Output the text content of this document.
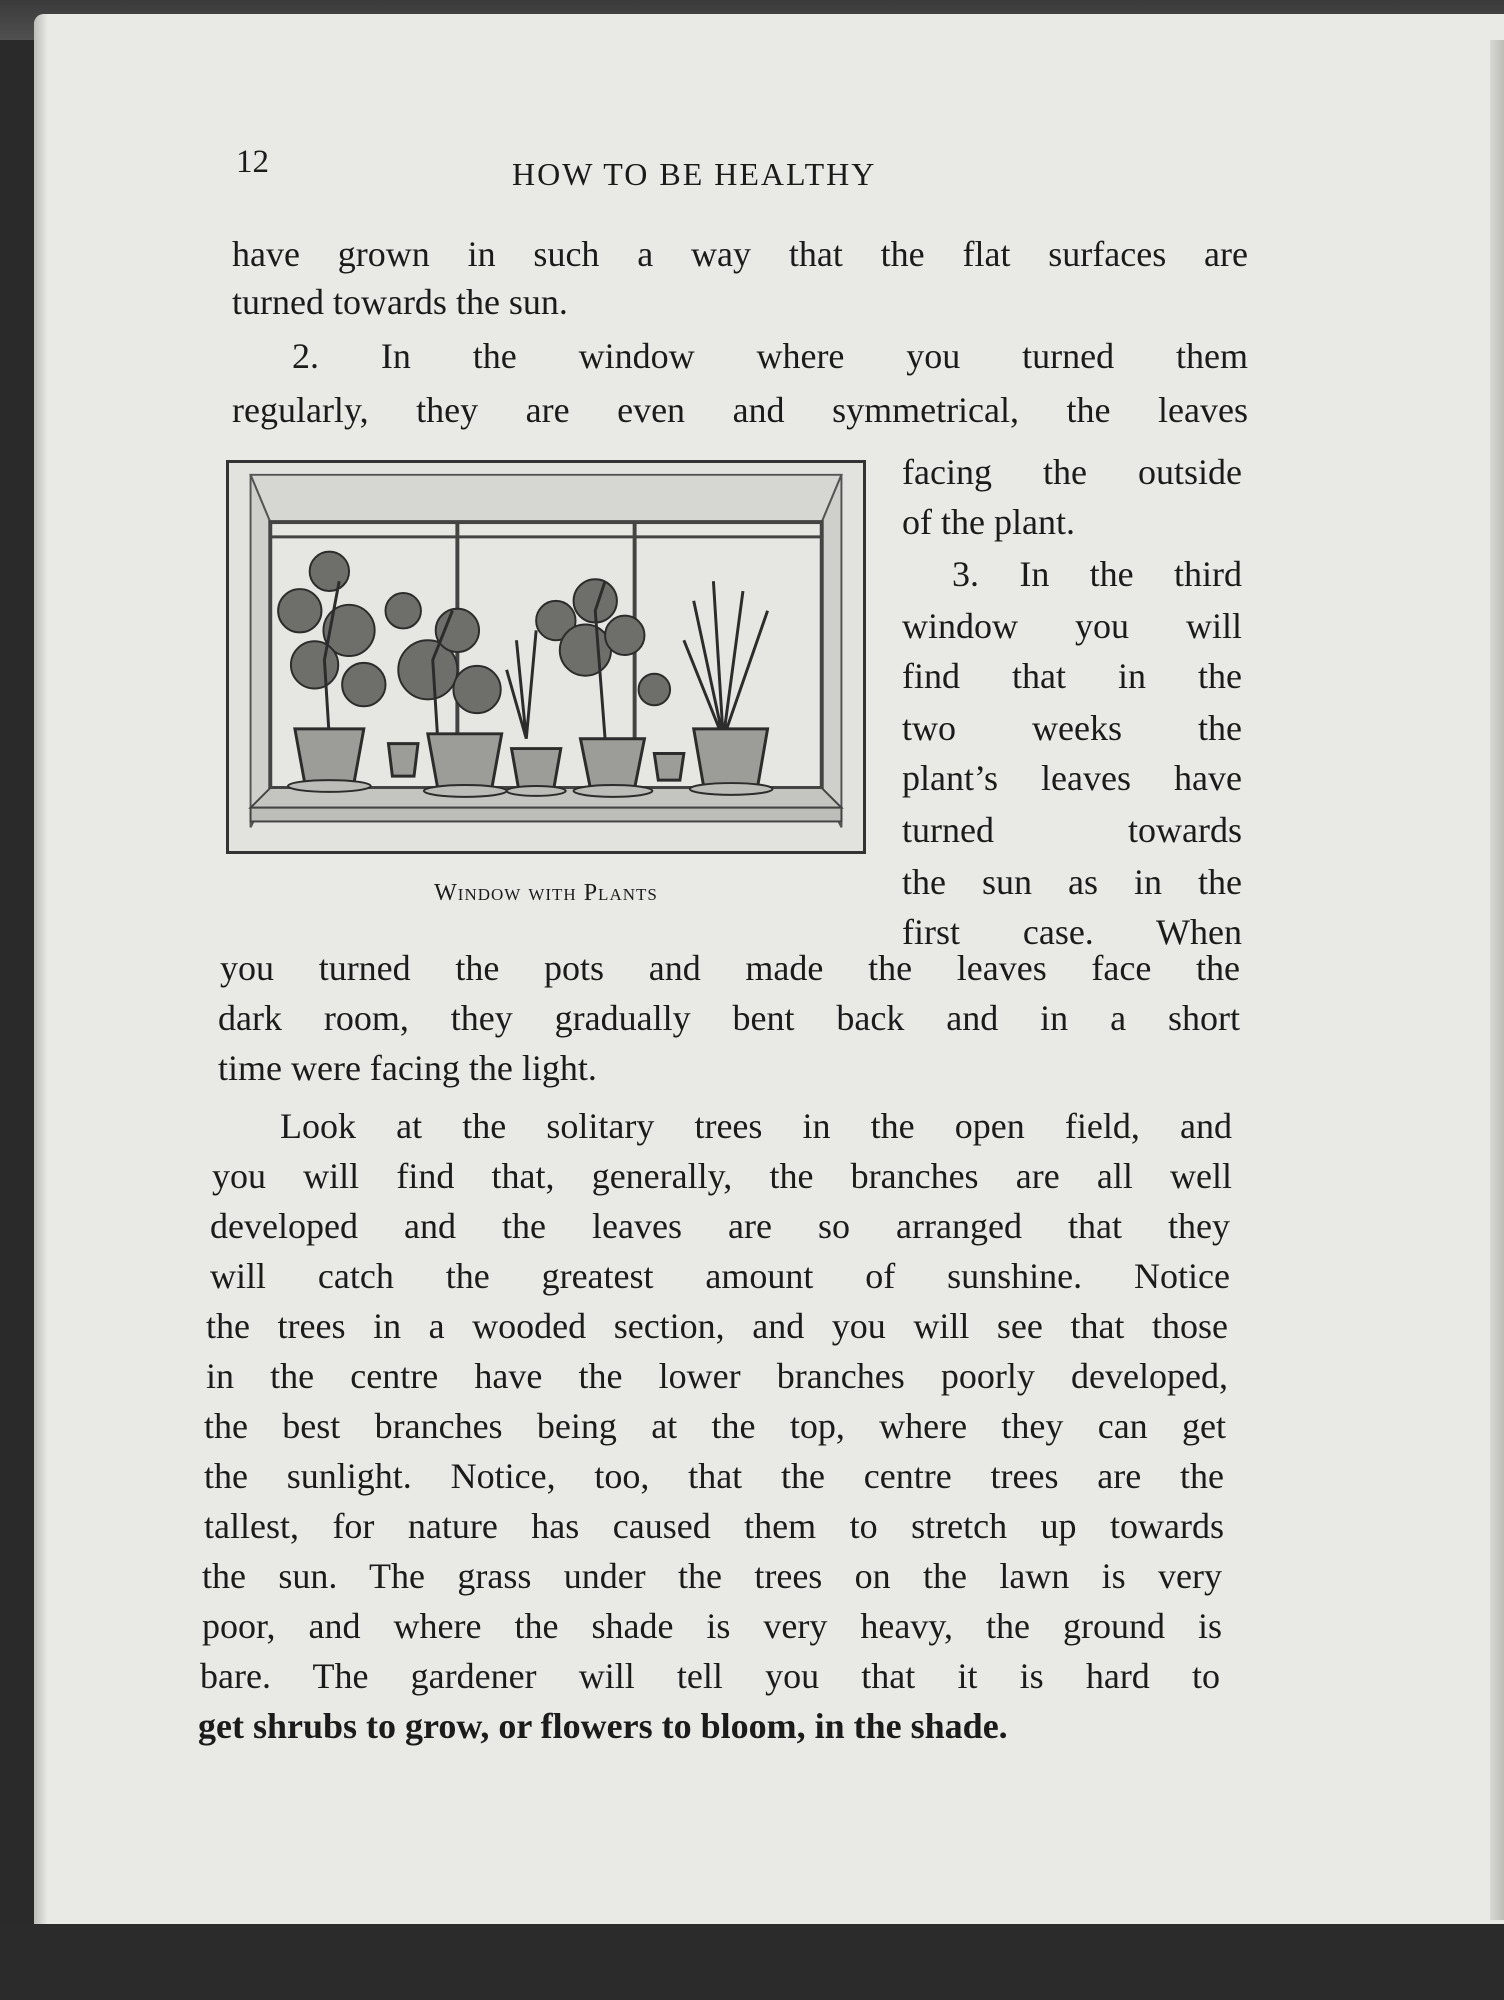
12	HOW TO BE HEALTHY
have grown in such a way that the flat surfaces are
turned towards the sun.
2. In the window where you turned them
regularly, they are even and symmetrical, the leaves
facing the outside
of the plant.
3. In the third
window you will
find that in the
two weeks the
plant’s leaves have
turned towards
the sun as in the
first case. When
you turned the pots and made the leaves face the
dark room, they gradually bent back and in a short
time were facing the light.
Look at the solitary trees in the open field, and
you will find that, generally, the branches are all well
developed and the leaves are so arranged that they
will catch the greatest amount of sunshine. Notice
the trees in a wooded section, and you will see that those
in the centre have the lower branches poorly developed,
the best branches being at the top, where they can get
the sunlight. Notice, too, that the centre trees are the
tallest, for nature has caused them to stretch up towards
the sun. The grass under the trees on the lawn is very
poor, and where the shade is very heavy, the ground is
bare. The gardener will tell you that it is hard to
get shrubs to grow, or flowers to bloom, in the shade.
Window with Plants
